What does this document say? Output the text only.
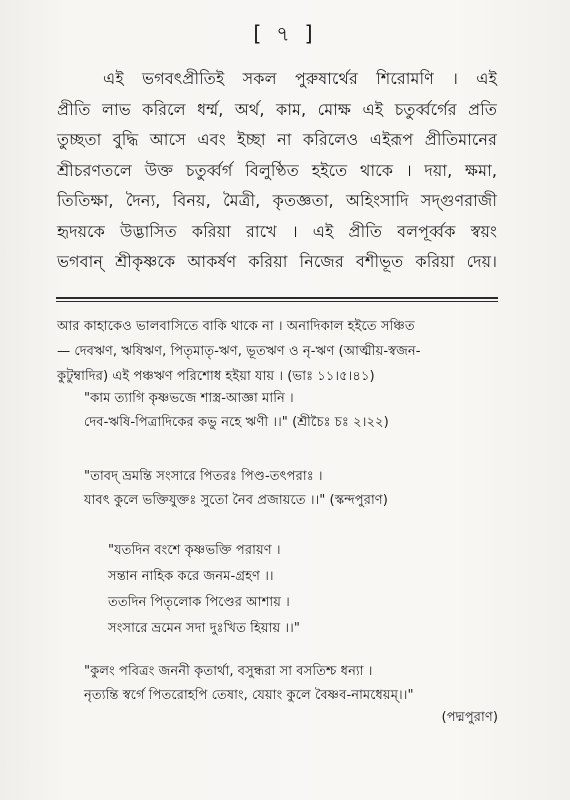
[ ৭ ]

এই ভগবৎপ্রীতিই সকল পুরুষার্থের শিরোমণি । এই
প্রীতি লাভ করিলে ধর্ম্ম, অর্থ, কাম, মোক্ষ এই চতুর্ব্বর্গের প্রতি
তুচ্ছতা বুদ্ধি আসে এবং ইচ্ছা না করিলেও এইরূপ প্রীতিমানের
শ্রীচরণতলে উক্ত চতুর্ব্বর্গ বিলুণ্ঠিত হইতে থাকে । দয়া, ক্ষমা,
তিতিক্ষা, দৈন্য, বিনয়, মৈত্রী, কৃতজ্ঞতা, অহিংসাদি সদ্গুণরাজী
হৃদয়কে উদ্ভাসিত করিয়া রাখে । এই প্রীতি বলপূর্ব্বক স্বয়ং
ভগবান্ শ্রীকৃষ্ণকে আকর্ষণ করিয়া নিজের বশীভূত করিয়া দেয়।

আর কাহাকেও ভালবাসিতে বাকি থাকে না । অনাদিকাল হইতে সঞ্চিত
— দেবঋণ, ঋষিঋণ, পিতৃমাতৃ-ঋণ, ভূতঋণ ও নৃ-ঋণ (আত্মীয়-স্বজন-
কুটুম্বাদির) এই পঞ্চঋণ পরিশোধ হইয়া যায় । (ভাঃ ১১।৫।৪১)
"কাম ত্যাগি কৃষ্ণভজে শাস্ত্র-আজ্ঞা মানি ।
দেব-ঋষি-পিত্রাদিকের কভু নহে ঋণী ।।" (শ্রীচৈঃ চঃ ২।২২)
"তাবদ্ ভ্রমন্তি সংসারে পিতরঃ পিণ্ড-তৎপরাঃ ।
যাবৎ কুলে ভক্তিযুক্তঃ সুতো নৈব প্রজায়তে ।।" (স্কন্দপুরাণ)
"যতদিন বংশে কৃষ্ণভক্তি পরায়ণ ।
সন্তান নাহিক করে জনম-গ্রহণ ।।
ততদিন পিতৃলোক পিণ্ডের আশায় ।
সংসারে ভ্রমেন সদা দুঃখিত হিয়ায় ।।"
"কুলং পবিত্রং জননী কৃতার্থা, বসুন্ধরা সা বসতিশ্চ ধন্যা ।
নৃত্যন্তি স্বর্গে পিতরোহপি তেষাং, যেয়াং কুলে বৈষ্ণব-নামধেয়ম্।।"
(পদ্মপুরাণ)
